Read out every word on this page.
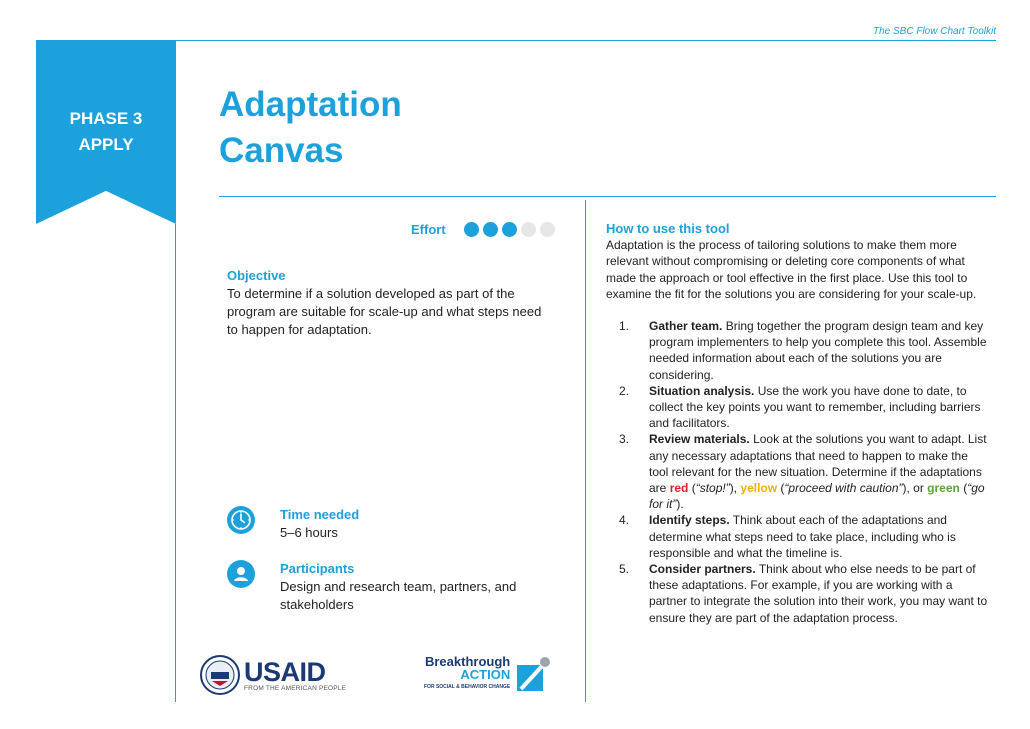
The SBC Flow Chart Toolkit
PHASE 3
APPLY
Adaptation
Canvas
Effort
Objective
To determine if a solution developed as part of the program are suitable for scale-up and what steps need to happen for adaptation.
Time needed
5–6 hours
Participants
Design and research team, partners, and stakeholders
USAID
FROM THE AMERICAN PEOPLE
Breakthrough
ACTION
FOR SOCIAL & BEHAVIOR CHANGE
How to use this tool
Adaptation is the process of tailoring solutions to make them more relevant without compromising or deleting core components of what made the approach or tool effective in the first place. Use this tool to examine the fit for the solutions you are considering for your scale-up.
1. Gather team. Bring together the program design team and key program implementers to help you complete this tool. Assemble needed information about each of the solutions you are considering.
2. Situation analysis. Use the work you have done to date, to collect the key points you want to remember, including barriers and facilitators.
3. Review materials. Look at the solutions you want to adapt. List any necessary adaptations that need to happen to make the tool relevant for the new situation. Determine if the adaptations are red (“stop!”), yellow (“proceed with caution”), or green (“go for it”).
4. Identify steps. Think about each of the adaptations and determine what steps need to take place, including who is responsible and what the timeline is.
5. Consider partners. Think about who else needs to be part of these adaptations. For example, if you are working with a partner to integrate the solution into their work, you may want to ensure they are part of the adaptation process.
